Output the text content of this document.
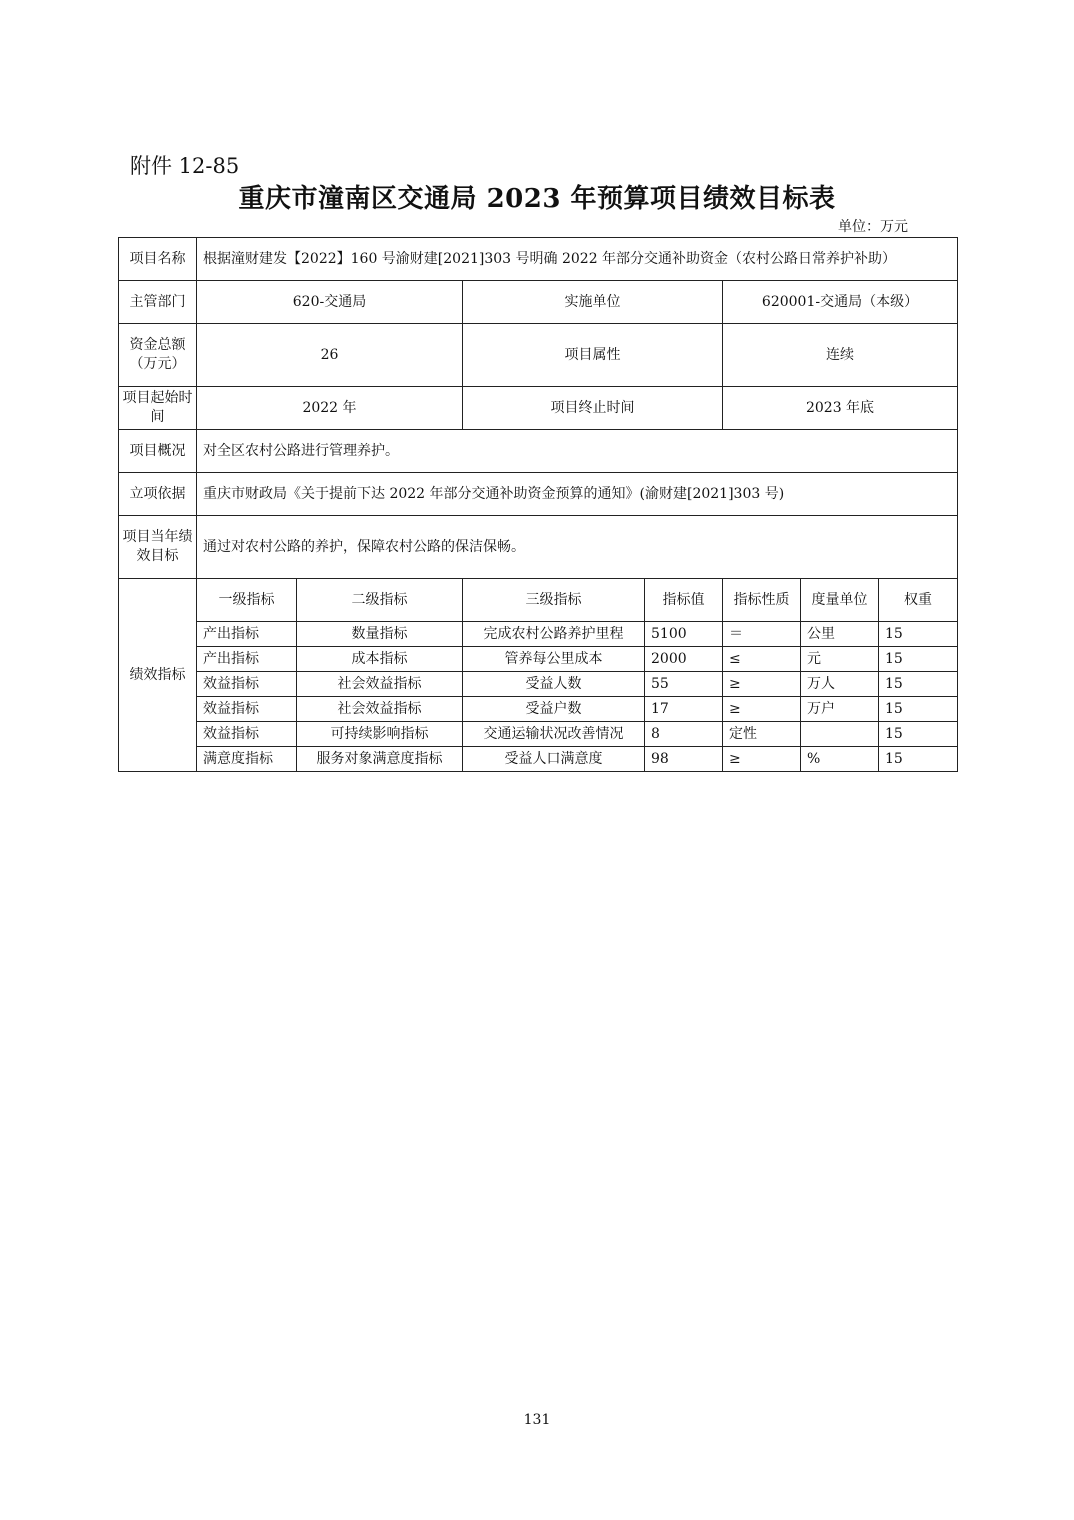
附件 12-85
重庆市潼南区交通局 2023 年预算项目绩效目标表
单位：万元
项目名称	根据潼财建发【2022】160 号渝财建[2021]303 号明确 2022 年部分交通补助资金（农村公路日常养护补助）						
主管部门	620-交通局		实施单位		620001-交通局（本级）		
资金总额（万元）	26		项目属性		连续		
项目起始时间	2022 年		项目终止时间		2023 年底		
项目概况	对全区农村公路进行管理养护。						
立项依据	重庆市财政局《关于提前下达 2022 年部分交通补助资金预算的通知》(渝财建[2021]303 号)						
项目当年绩效目标	通过对农村公路的养护，保障农村公路的保洁保畅。						
绩效指标	一级指标	二级指标	三级指标	指标值	指标性质	度量单位	权重
	产出指标	数量指标	完成农村公路养护里程	5100	＝	公里	15
	产出指标	成本指标	管养每公里成本	2000	≤	元	15
	效益指标	社会效益指标	受益人数	55	≥	万人	15
	效益指标	社会效益指标	受益户数	17	≥	万户	15
	效益指标	可持续影响指标	交通运输状况改善情况	8	定性		15
	满意度指标	服务对象满意度指标	受益人口满意度	98	≥	%	15
131
